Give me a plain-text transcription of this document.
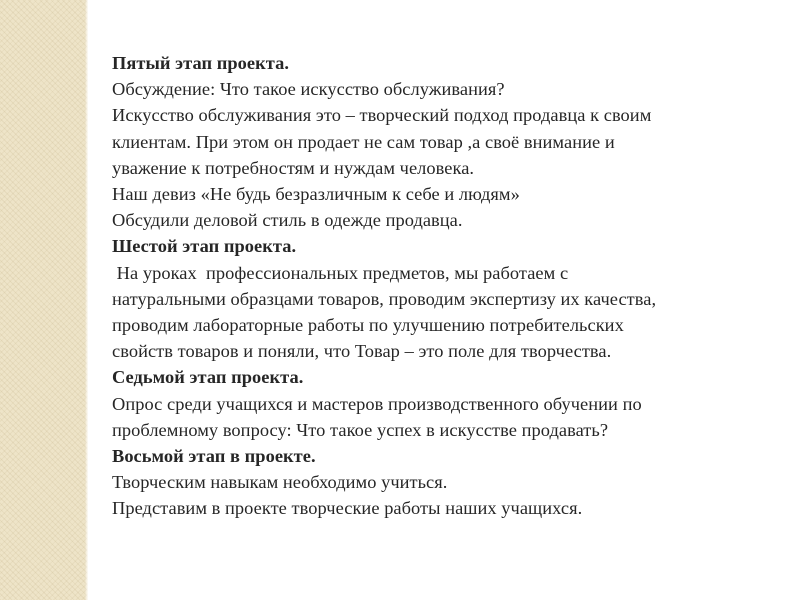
Пятый этап проекта.
Обсуждение: Что такое искусство обслуживания?
Искусство обслуживания это – творческий подход продавца к своим
клиентам. При этом он продает не сам товар ,а своё внимание и
уважение к потребностям и нуждам человека.
Наш девиз «Не будь безразличным к себе и людям»
Обсудили деловой стиль в одежде продавца.
Шестой этап проекта.
На уроках  профессиональных предметов, мы работаем с
натуральными образцами товаров, проводим экспертизу их качества,
проводим лабораторные работы по улучшению потребительских
свойств товаров и поняли, что Товар – это поле для творчества.
Седьмой этап проекта.
Опрос среди учащихся и мастеров производственного обучении по
проблемному вопросу: Что такое успех в искусстве продавать?
Восьмой этап в проекте.
Творческим навыкам необходимо учиться.
Представим в проекте творческие работы наших учащихся.
